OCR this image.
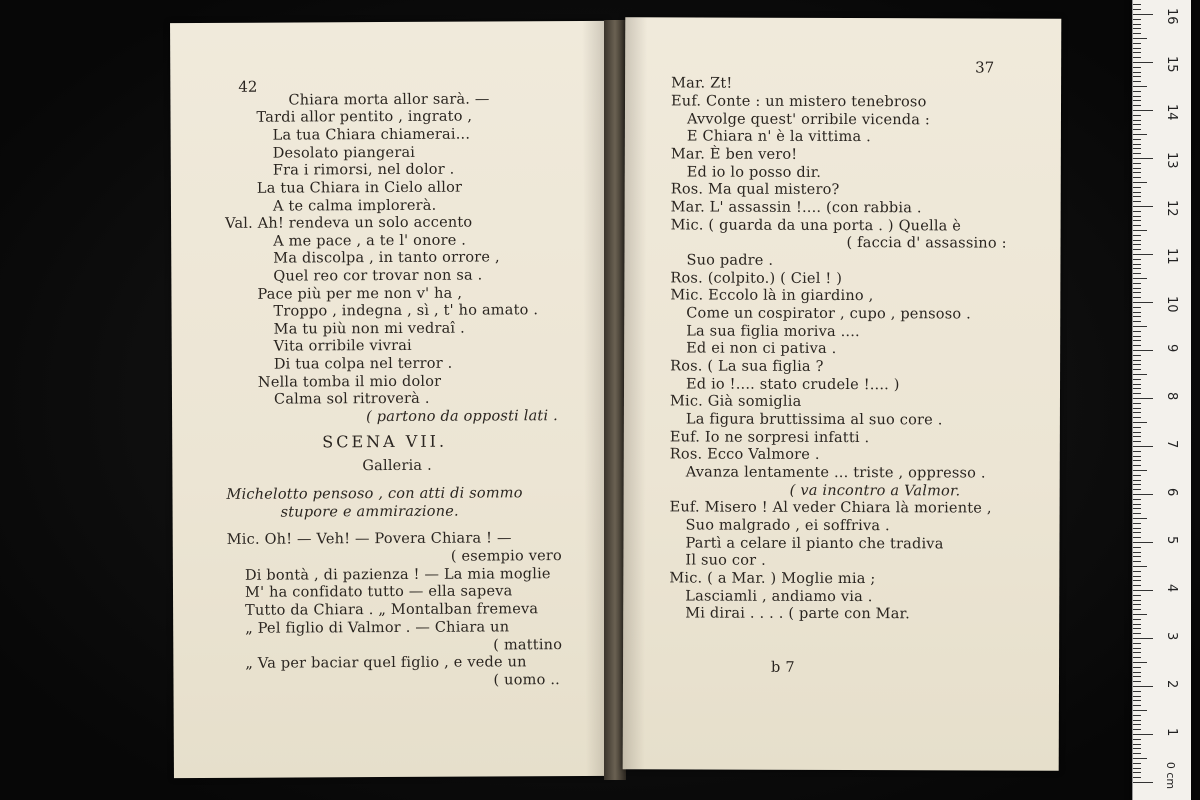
42
Chiara morta allor sarà. —
Tardi allor pentito , ingrato ,
La tua Chiara chiamerai...
Desolato piangerai
Fra i rimorsi, nel dolor .
La tua Chiara in Cielo allor
A te calma implorerà.
Val. Ah! rendeva un solo accento
A me pace , a te l' onore .
Ma discolpa , in tanto orrore ,
Quel reo cor trovar non sa .
Pace più per me non v' ha ,
Troppo , indegna , sì , t' ho amato .
Ma tu più non mi vedraî .
Vita orribile vivrai
Di tua colpa nel terror .
Nella tomba il mio dolor
Calma sol ritroverà .
( partono da opposti lati .
SCENA VII.
Galleria .
Michelotto pensoso , con atti di sommo
stupore e ammirazione.
Mic. Oh! — Veh! — Povera Chiara ! —
( esempio vero
Di bontà , di pazienza ! — La mia moglie
M' ha confidato tutto — ella sapeva
Tutto da Chiara . „ Montalban fremeva
„ Pel figlio di Valmor . — Chiara un
( mattino
„ Va per baciar quel figlio , e vede un
( uomo ..
37
Mar. Zt!
Euf. Conte : un mistero tenebroso
Avvolge quest' orribile vicenda :
E Chiara n' è la vittima .
Mar. È ben vero!
Ed io lo posso dir.
Ros. Ma qual mistero?
Mar. L' assassin !.... (con rabbia .
Mic. ( guarda da una porta . ) Quella è
( faccia d' assassino :
Suo padre .
Ros. (colpito.) ( Ciel ! )
Mic. Eccolo là in giardino ,
Come un cospirator , cupo , pensoso .
La sua figlia moriva ....
Ed ei non ci pativa .
Ros. ( La sua figlia ?
Ed io !.... stato crudele !.... )
Mic. Già somiglia
La figura bruttissima al suo core .
Euf. Io ne sorpresi infatti .
Ros. Ecco Valmore .
Avanza lentamente ... triste , oppresso .
( va incontro a Valmor.
Euf. Misero ! Al veder Chiara là moriente ,
Suo malgrado , ei soffriva .
Partì a celare il pianto che tradiva
Il suo cor .
Mic. ( a Mar. ) Moglie mia ;
Lasciamli , andiamo via .
Mi dirai . . . . ( parte con Mar.
b 7
1
2
3
4
5
6
7
8
9
10
11
12
13
14
15
16
0 cm
